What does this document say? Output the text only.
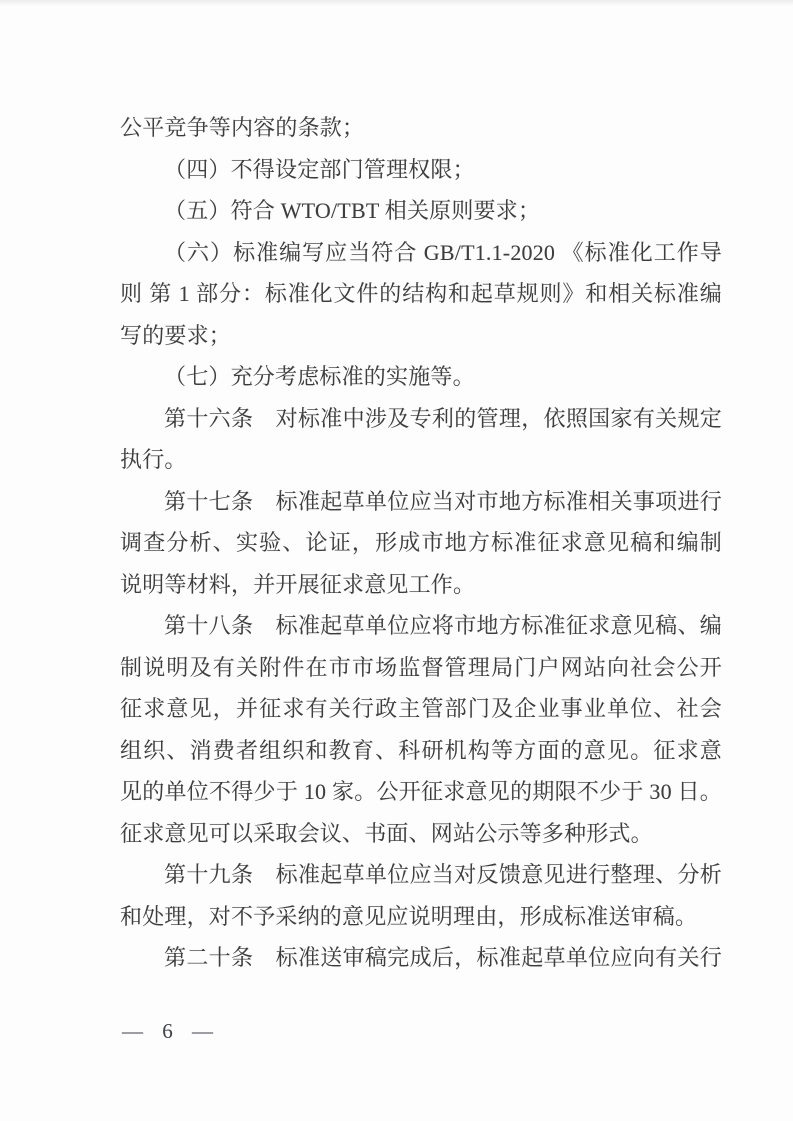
公平竞争等内容的条款；

（四）不得设定部门管理权限；

（五）符合 WTO/TBT 相关原则要求；

（六）标准编写应当符合 GB/T1.1-2020 《标准化工作导

则 第 1 部分：标准化文件的结构和起草规则》和相关标准编

写的要求；

（七）充分考虑标准的实施等。

第十六条　对标准中涉及专利的管理，依照国家有关规定

执行。

第十七条　标准起草单位应当对市地方标准相关事项进行

调查分析、实验、论证，形成市地方标准征求意见稿和编制

说明等材料，并开展征求意见工作。

第十八条　标准起草单位应将市地方标准征求意见稿、编

制说明及有关附件在市市场监督管理局门户网站向社会公开

征求意见，并征求有关行政主管部门及企业事业单位、社会

组织、消费者组织和教育、科研机构等方面的意见。征求意

见的单位不得少于 10 家。公开征求意见的期限不少于 30 日。

征求意见可以采取会议、书面、网站公示等多种形式。

第十九条　标准起草单位应当对反馈意见进行整理、分析

和处理，对不予采纳的意见应说明理由，形成标准送审稿。

第二十条　标准送审稿完成后，标准起草单位应向有关行

— 6 —
